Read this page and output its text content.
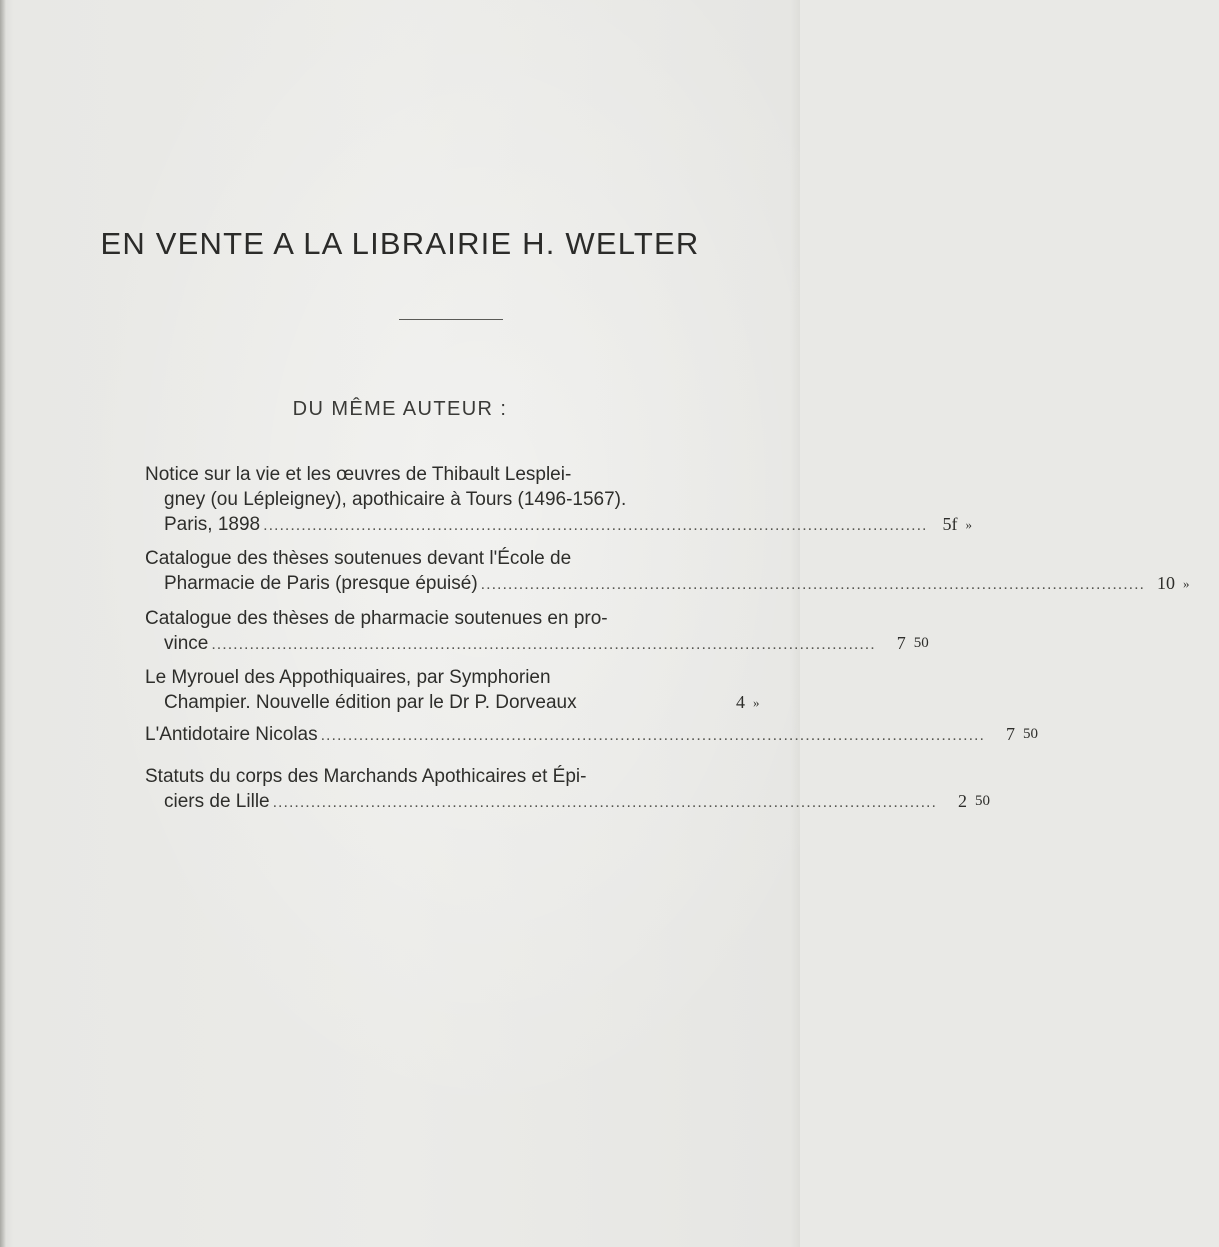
EN VENTE A LA LIBRAIRIE H. WELTER
DU MÊME AUTEUR :
Notice sur la vie et les œuvres de Thibault Lesplei-
gney (ou Lépleigney), apothicaire à Tours (1496-1567).
Paris, 1898 .......................................................................................................................... 5f »
Catalogue des thèses soutenues devant l'École de
Pharmacie de Paris (presque épuisé) .......................................................................................................................... 10 »
Catalogue des thèses de pharmacie soutenues en pro-
vince ..........................................................................................................................	7 50
Le Myrouel des Appothiquaires, par Symphorien
Champier. Nouvelle édition par le Dr P. Dorveaux	4 »
L'Antidotaire Nicolas ..........................................................................................................................	7 50
Statuts du corps des Marchands Apothicaires et Épi-
ciers de Lille ..........................................................................................................................	2 50
